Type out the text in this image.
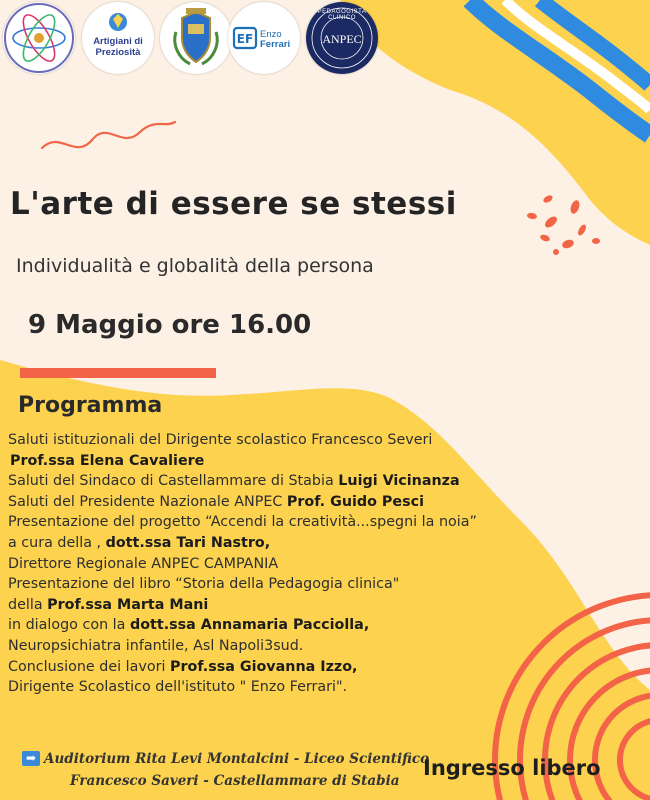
Artigiani di Preziosità
EF Enzo
Ferrari
PEDAGOGISTA CLINICO
ANPEC
L'arte di essere se stessi
Individualità e globalità della persona
9 Maggio ore 16.00
Programma
Saluti istituzionali del Dirigente scolastico Francesco Severi
Prof.ssa Elena Cavaliere
Saluti del Sindaco di Castellammare di Stabia Luigi Vicinanza
Saluti del Presidente Nazionale ANPEC Prof. Guido Pesci
Presentazione del progetto “Accendi la creatività...spegni la noia”
a cura della , dott.ssa Tari Nastro,
Direttore Regionale ANPEC CAMPANIA
Presentazione del libro “Storia della Pedagogia clinica"
della Prof.ssa Marta Mani
in dialogo con la dott.ssa Annamaria Pacciolla,
Neuropsichiatra infantile, Asl Napoli3sud.
Conclusione dei lavori Prof.ssa Giovanna Izzo,
Dirigente Scolastico dell'istituto " Enzo Ferrari".
➡ Auditorium Rita Levi Montalcini - Liceo Scientifico
Francesco Saveri - Castellammare di Stabia
Ingresso libero
